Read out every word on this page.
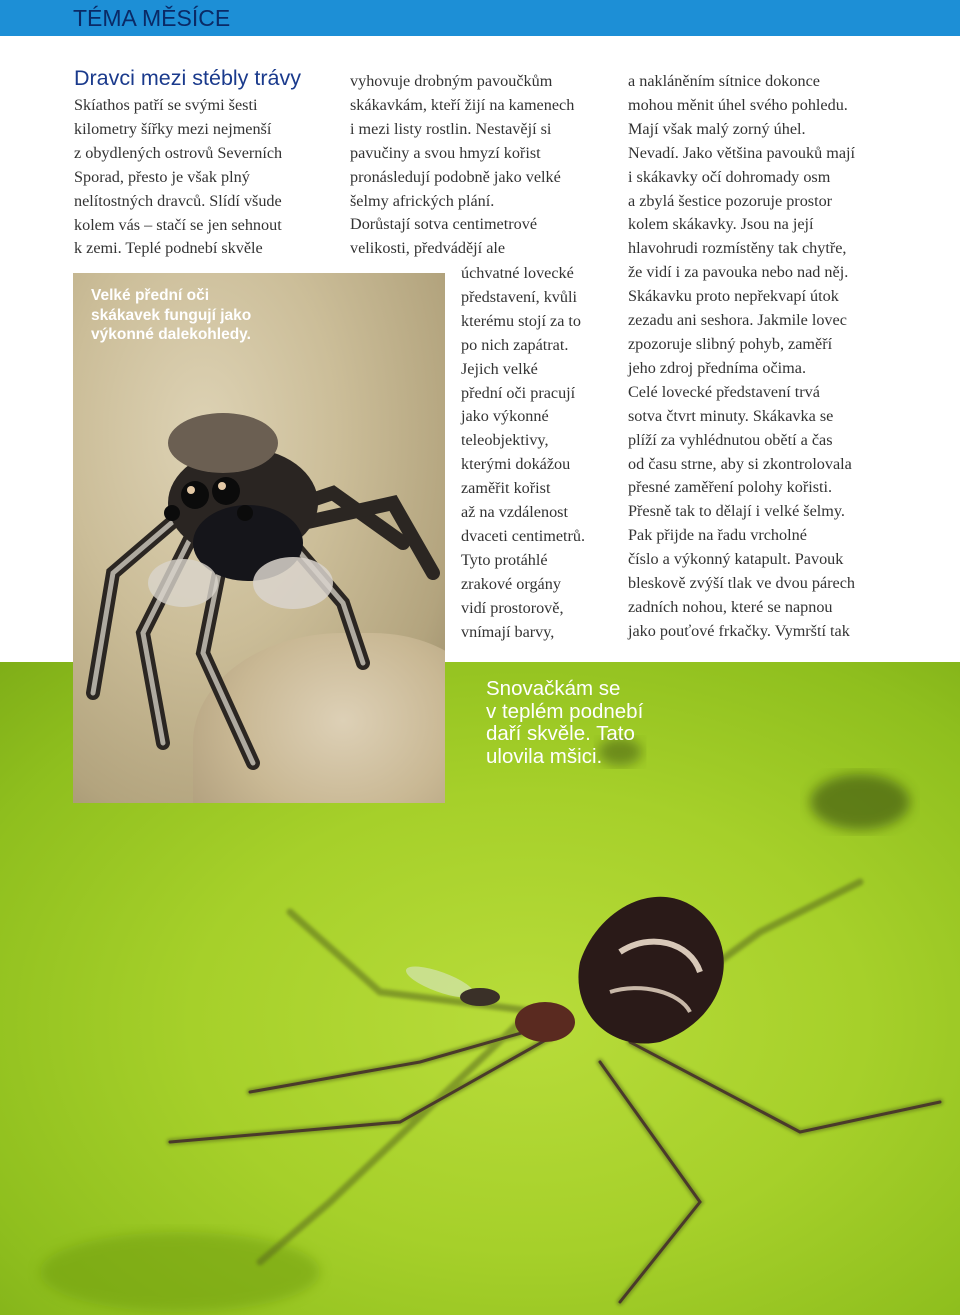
TÉMA MĚSÍCE
Dravci mezi stébly trávy
Skíathos patří se svými šesti
kilometry šířky mezi nejmenší
z obydlených ostrovů Severních
Sporad, přesto je však plný
nelítostných dravců. Slídí všude
kolem vás – stačí se jen sehnout
k zemi. Teplé podnebí skvěle
Velké přední oči
skákavek fungují jako
výkonné dalekohledy.
vyhovuje drobným pavoučkům
skákavkám, kteří žijí na kamenech
i mezi listy rostlin. Nestavějí si
pavučiny a svou hmyzí kořist
pronásledují podobně jako velké
šelmy afrických plání.
Dorůstají sotva centimetrové
velikosti, předvádějí ale
úchvatné lovecké
představení, kvůli
kterému stojí za to
po nich zapátrat.
Jejich velké
přední oči pracují
jako výkonné
teleobjektivy,
kterými dokážou
zaměřit kořist
až na vzdálenost
dvaceti centimetrů.
Tyto protáhlé
zrakové orgány
vidí prostorově,
vnímají barvy,
a nakláněním sítnice dokonce
mohou měnit úhel svého pohledu.
Mají však malý zorný úhel.
Nevadí. Jako většina pavouků mají
i skákavky očí dohromady osm
a zbylá šestice pozoruje prostor
kolem skákavky. Jsou na její
hlavohrudi rozmístěny tak chytře,
že vidí i za pavouka nebo nad něj.
Skákavku proto nepřekvapí útok
zezadu ani seshora. Jakmile lovec
zpozoruje slibný pohyb, zaměří
jeho zdroj předníma očima.
Celé lovecké představení trvá
sotva čtvrt minuty. Skákavka se
plíží za vyhlédnutou obětí a čas
od času strne, aby si zkontrolovala
přesné zaměření polohy kořisti.
Přesně tak to dělají i velké šelmy.
Pak přijde na řadu vrcholné
číslo a výkonný katapult. Pavouk
bleskově zvýší tlak ve dvou párech
zadních nohou, které se napnou
jako pouťové frkačky. Vymrští tak
Snovačkám se
v teplém podnebí
daří skvěle. Tato
ulovila mšici.
